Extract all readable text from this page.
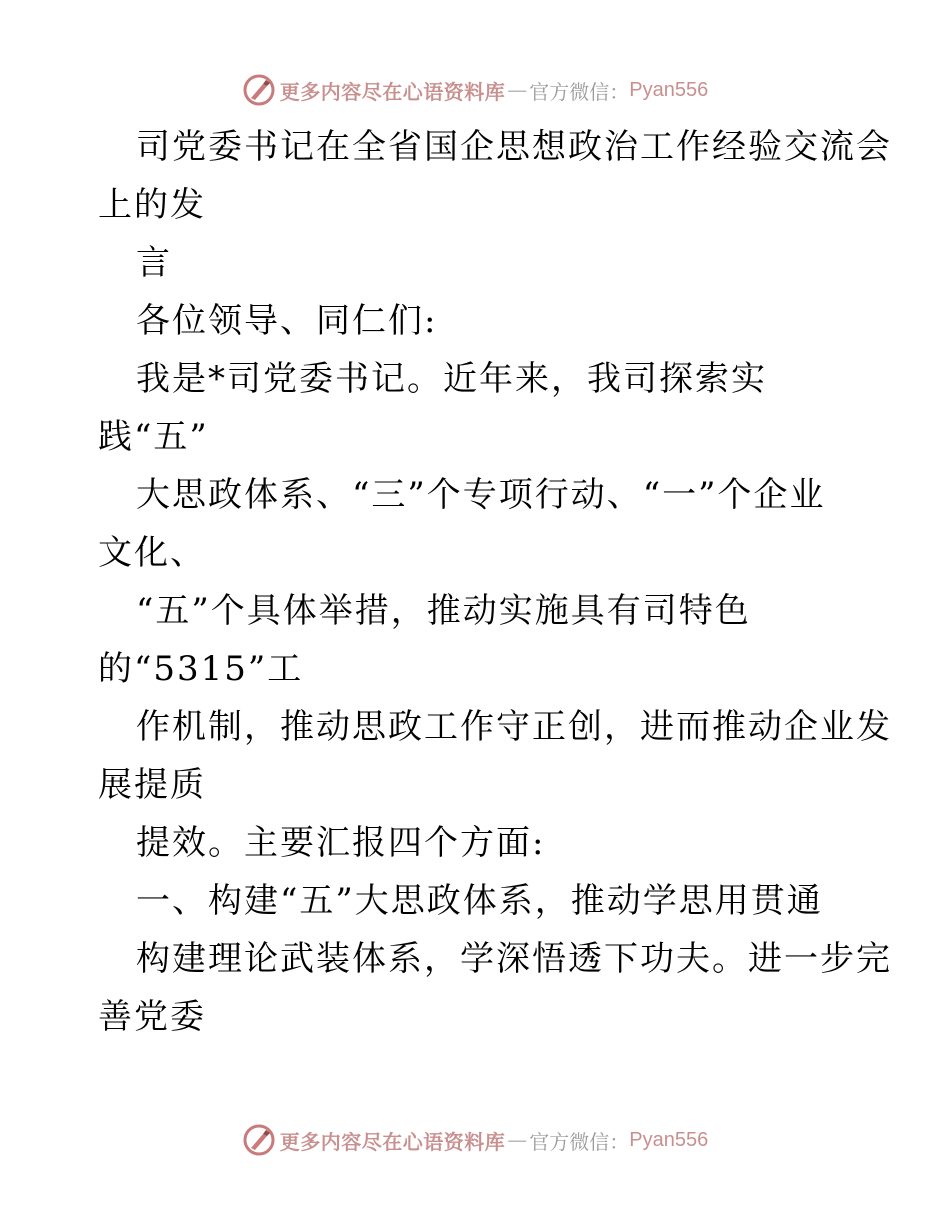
更多内容尽在心语资料库 — 官方微信： Pyan556
司党委书记在全省国企思想政治工作经验交流会
上的发
言
各位领导、同仁们:
我是*司党委书记。近年来，我司探索实
践“五”
大思政体系、“三”个专项行动、“一”个企业
文化、
“五”个具体举措，推动实施具有司特色
的“5315”工
作机制，推动思政工作守正创，进而推动企业发
展提质
提效。主要汇报四个方面:
一、构建“五”大思政体系，推动学思用贯通
构建理论武装体系，学深悟透下功夫。进一步完
善党委
更多内容尽在心语资料库 — 官方微信： Pyan556
